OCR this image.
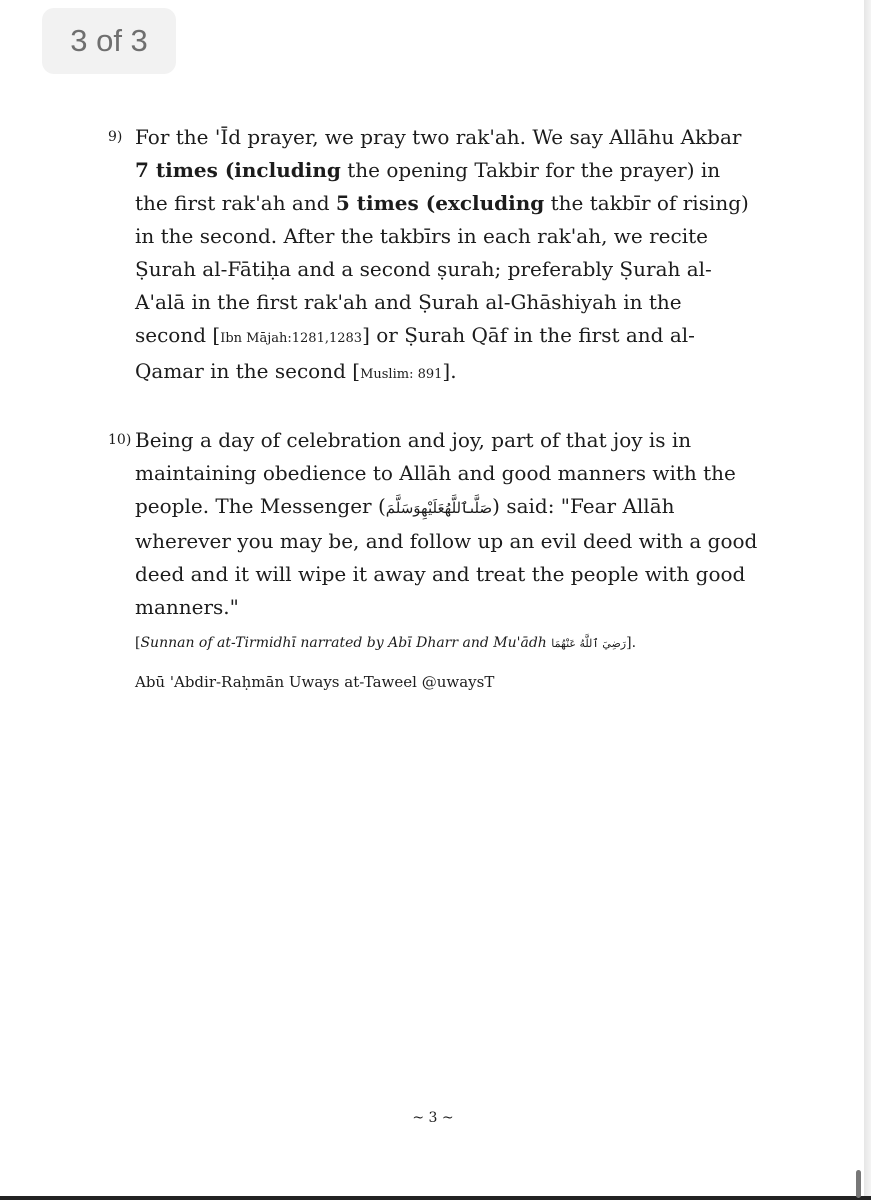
3 of 3
9) For the 'Īd prayer, we pray two rak'ah. We say Allāhu Akbar 7 times (including the opening Takbir for the prayer) in the first rak'ah and 5 times (excluding the takbīr of rising) in the second. After the takbīrs in each rak'ah, we recite Ṣurah al-Fātiḥa and a second ṣurah; preferably Ṣurah al-A'alā in the first rak'ah and Ṣurah al-Ghāshiyah in the second [Ibn Mājah:1281,1283] or Ṣurah Qāf in the first and al-Qamar in the second [Muslim: 891].
10) Being a day of celebration and joy, part of that joy is in maintaining obedience to Allāh and good manners with the people. The Messenger (صَلَّىٱللَّهُعَلَيْهِوَسَلَّمَ) said: "Fear Allāh wherever you may be, and follow up an evil deed with a good deed and it will wipe it away and treat the people with good manners."
[Sunnan of at-Tirmidhī narrated by Abī Dharr and Mu'ādh رَضِيَ ٱللَّهُ عَنْهُمَا].
Abū 'Abdir-Raḥmān Uways at-Taweel @uwaysT
~ 3 ~
